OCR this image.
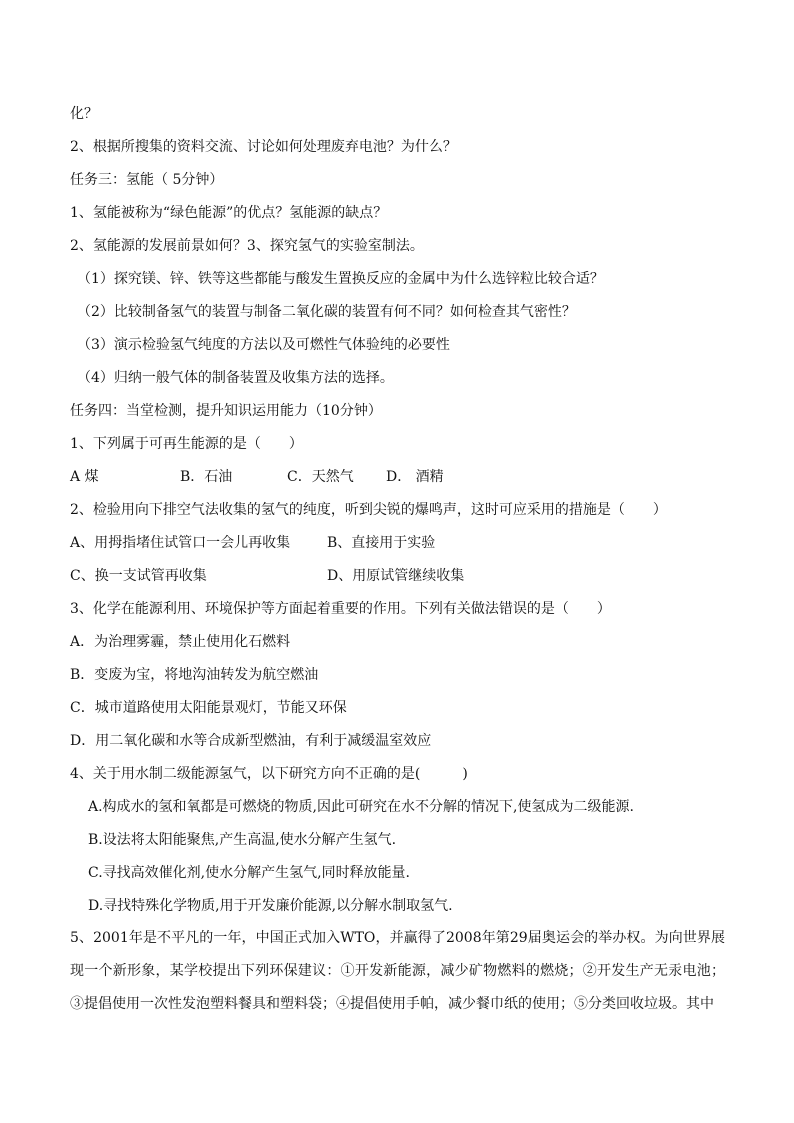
化？
2、根据所搜集的资料交流、讨论如何处理废弃电池？为什么？
任务三：氢能（ 5分钟）
1、氢能被称为“绿色能源”的优点？氢能源的缺点？
2、氢能源的发展前景如何？3、探究氢气的实验室制法。
（1）探究镁、锌、铁等这些都能与酸发生置换反应的金属中为什么选锌粒比较合适？
（2）比较制备氢气的装置与制备二氧化碳的装置有何不同？如何检查其气密性？
（3）演示检验氢气纯度的方法以及可燃性气体验纯的必要性
（4）归纳一般气体的制备装置及收集方法的选择。
任务四：当堂检测，提升知识运用能力（10分钟）
1、下列属于可再生能源的是（　　）
A 煤	B．石油	C．天然气 D． 酒精
2、检验用向下排空气法收集的氢气的纯度，听到尖锐的爆鸣声，这时可应采用的措施是（　　）
A、用拇指堵住试管口一会儿再收集	B、直接用于实验
C、换一支试管再收集	D、用原试管继续收集
3、化学在能源利用、环境保护等方面起着重要的作用。下列有关做法错误的是（　　）
A．为治理雾霾，禁止使用化石燃料
B．变废为宝，将地沟油转发为航空燃油
C．城市道路使用太阳能景观灯，节能又环保
D．用二氧化碳和水等合成新型燃油，有利于减缓温室效应
4、关于用水制二级能源氢气，以下研究方向不正确的是(　　　)
A.构成水的氢和氧都是可燃烧的物质,因此可研究在水不分解的情况下,使氢成为二级能源.
B.设法将太阳能聚焦,产生高温,使水分解产生氢气.
C.寻找高效催化剂,使水分解产生氢气,同时释放能量.
D.寻找特殊化学物质,用于开发廉价能源,以分解水制取氢气.
5、2001年是不平凡的一年，中国正式加入WTO，并赢得了2008年第29届奥运会的举办权。为向世界展现一个新形象，某学校提出下列环保建议：①开发新能源，减少矿物燃料的燃烧；②开发生产无汞电池；③提倡使用一次性发泡塑料餐具和塑料袋；④提倡使用手帕，减少餐巾纸的使用；⑤分类回收垃圾。其中
